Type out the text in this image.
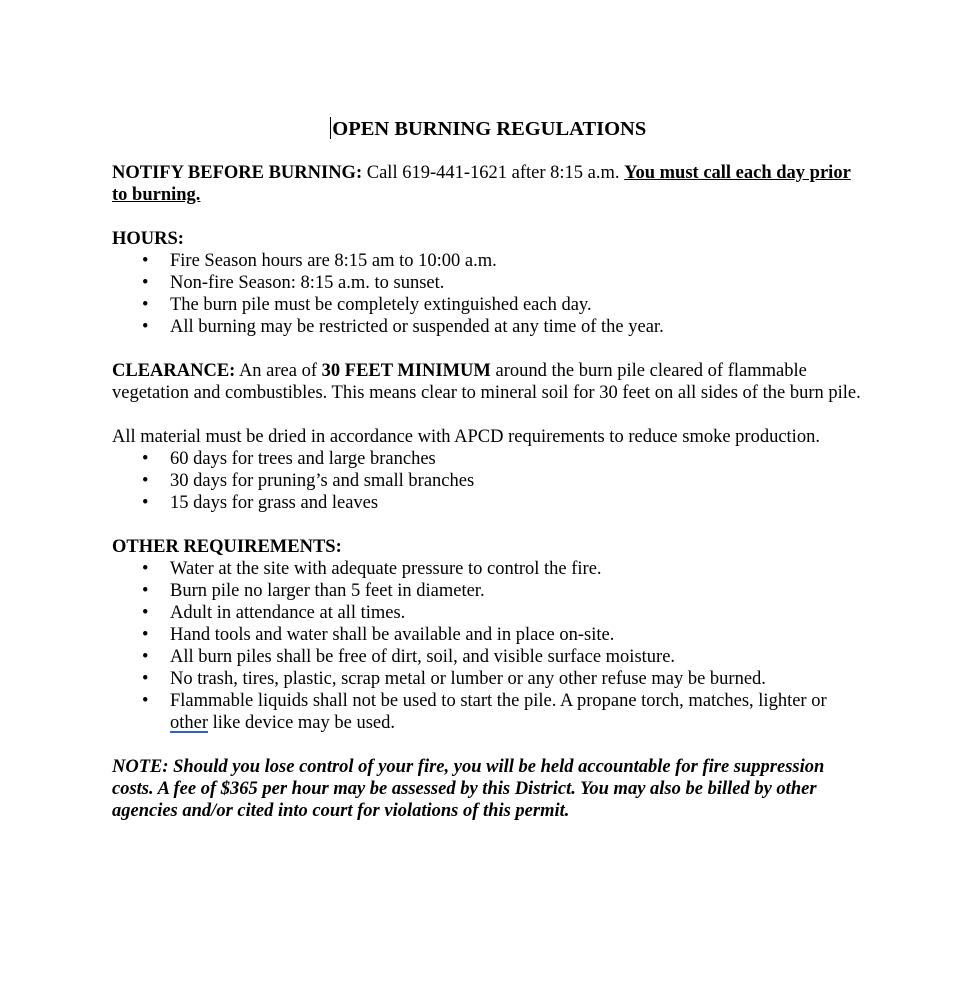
OPEN BURNING REGULATIONS

NOTIFY BEFORE BURNING: Call 619-441-1621 after 8:15 a.m. You must call each day prior to burning.

HOURS:

• Fire Season hours are 8:15 am to 10:00 a.m.
• Non-fire Season: 8:15 a.m. to sunset.
• The burn pile must be completely extinguished each day.
• All burning may be restricted or suspended at any time of the year.

CLEARANCE: An area of 30 FEET MINIMUM around the burn pile cleared of flammable vegetation and combustibles. This means clear to mineral soil for 30 feet on all sides of the burn pile.

All material must be dried in accordance with APCD requirements to reduce smoke production.

• 60 days for trees and large branches
• 30 days for pruning’s and small branches
• 15 days for grass and leaves

OTHER REQUIREMENTS:

• Water at the site with adequate pressure to control the fire.
• Burn pile no larger than 5 feet in diameter.
• Adult in attendance at all times.
• Hand tools and water shall be available and in place on-site.
• All burn piles shall be free of dirt, soil, and visible surface moisture.
• No trash, tires, plastic, scrap metal or lumber or any other refuse may be burned.
• Flammable liquids shall not be used to start the pile. A propane torch, matches, lighter or other like device may be used.

NOTE: Should you lose control of your fire, you will be held accountable for fire suppression costs. A fee of $365 per hour may be assessed by this District. You may also be billed by other agencies and/or cited into court for violations of this permit.
